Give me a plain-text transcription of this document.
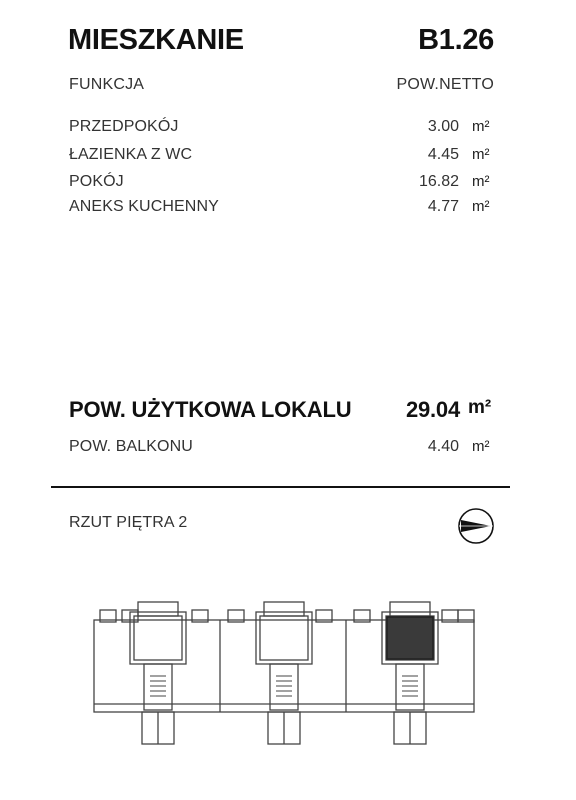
MIESZKANIE	B1.26
FUNKCJA	POW.NETTO
PRZEDPOKÓJ	3.00 m²
ŁAZIENKA Z WC	4.45 m²
POKÓJ	16.82 m²
ANEKS KUCHENNY	4.77 m²
POW. UŻYTKOWA LOKALU	29.04 m²
POW. BALKONU	4.40 m²
RZUT PIĘTRA 2
